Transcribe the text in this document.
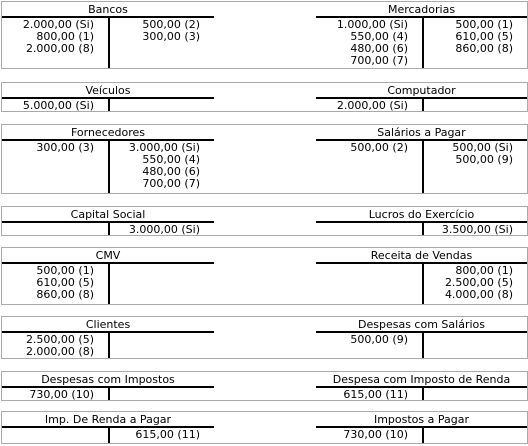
Bancos
2.000,00 (Si)
800,00 (1)
2.000,00 (8)
500,00 (2)
300,00 (3)
Mercadorias
1.000,00 (Si)
550,00 (4)
480,00 (6)
700,00 (7)
500,00 (1)
610,00 (5)
860,00 (8)
Veículos
5.000,00 (Si)
Computador
2.000,00 (Si)
Fornecedores
300,00 (3)	3.000,00 (Si)
550,00 (4)
480,00 (6)
700,00 (7)
Salários a Pagar
500,00 (2)	500,00 (Si)
500,00 (9)
Capital Social
3.000,00 (Si)
Lucros do Exercício
3.500,00 (Si)
CMV
500,00 (1)
610,00 (5)
860,00 (8)
Receita de Vendas
800,00 (1)
2.500,00 (5)
4.000,00 (8)
Clientes
2.500,00 (5)
2.000,00 (8)
Despesas com Salários
500,00 (9)
Despesas com Impostos
730,00 (10)
Despesa com Imposto de Renda
615,00 (11)
Imp. De Renda a Pagar
615,00 (11)
Impostos a Pagar
730,00 (10)
